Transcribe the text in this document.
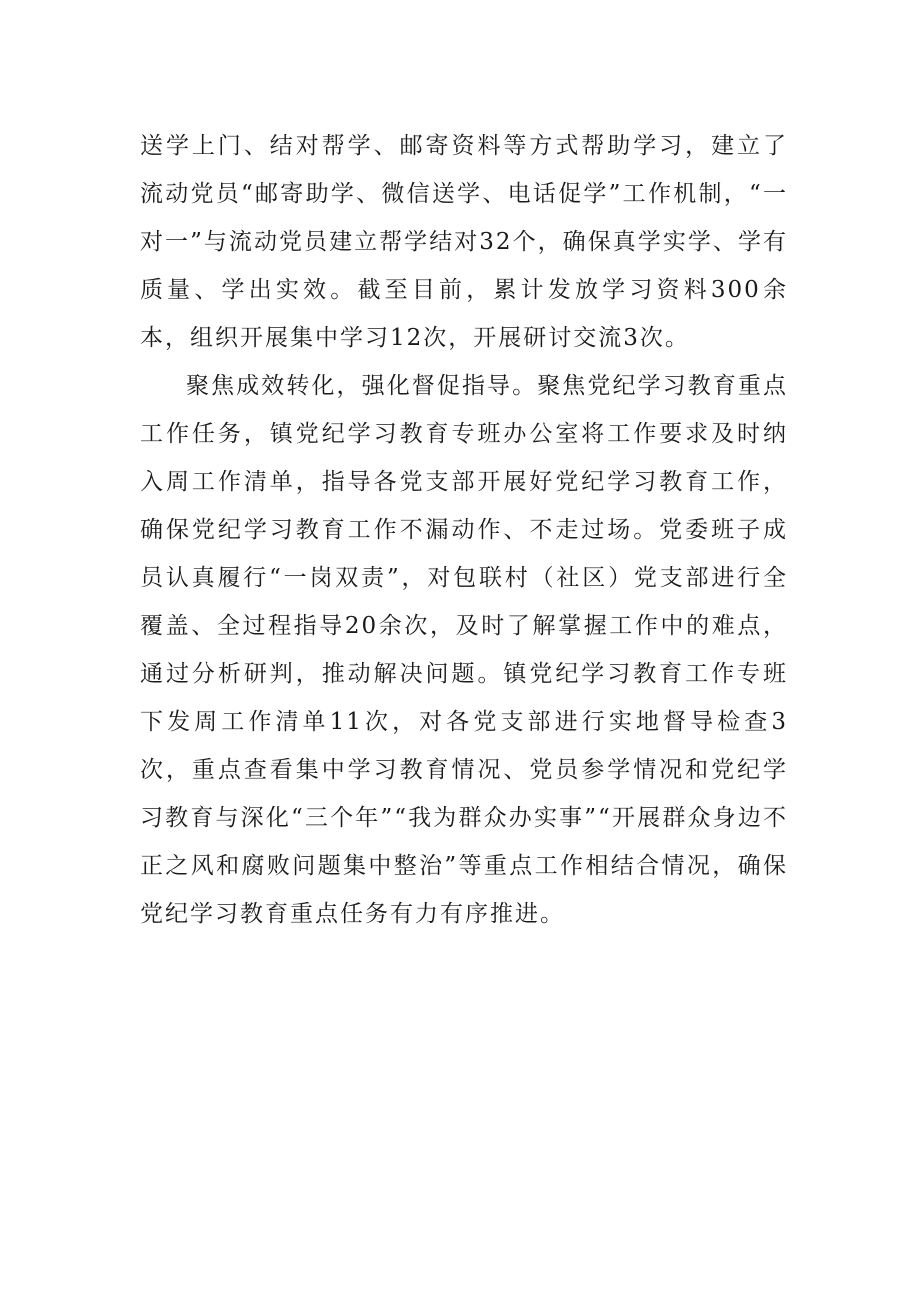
送学上门、结对帮学、邮寄资料等方式帮助学习，建立了流动党员“邮寄助学、微信送学、电话促学”工作机制，“一对一”与流动党员建立帮学结对32个，确保真学实学、学有质量、学出实效。截至目前，累计发放学习资料300余本，组织开展集中学习12次，开展研讨交流3次。

聚焦成效转化，强化督促指导。聚焦党纪学习教育重点工作任务，镇党纪学习教育专班办公室将工作要求及时纳入周工作清单，指导各党支部开展好党纪学习教育工作，确保党纪学习教育工作不漏动作、不走过场。党委班子成员认真履行“一岗双责”，对包联村（社区）党支部进行全覆盖、全过程指导20余次，及时了解掌握工作中的难点，通过分析研判，推动解决问题。镇党纪学习教育工作专班下发周工作清单11次，对各党支部进行实地督导检查3次，重点查看集中学习教育情况、党员参学情况和党纪学习教育与深化“三个年”“我为群众办实事”“开展群众身边不正之风和腐败问题集中整治”等重点工作相结合情况，确保党纪学习教育重点任务有力有序推进。
